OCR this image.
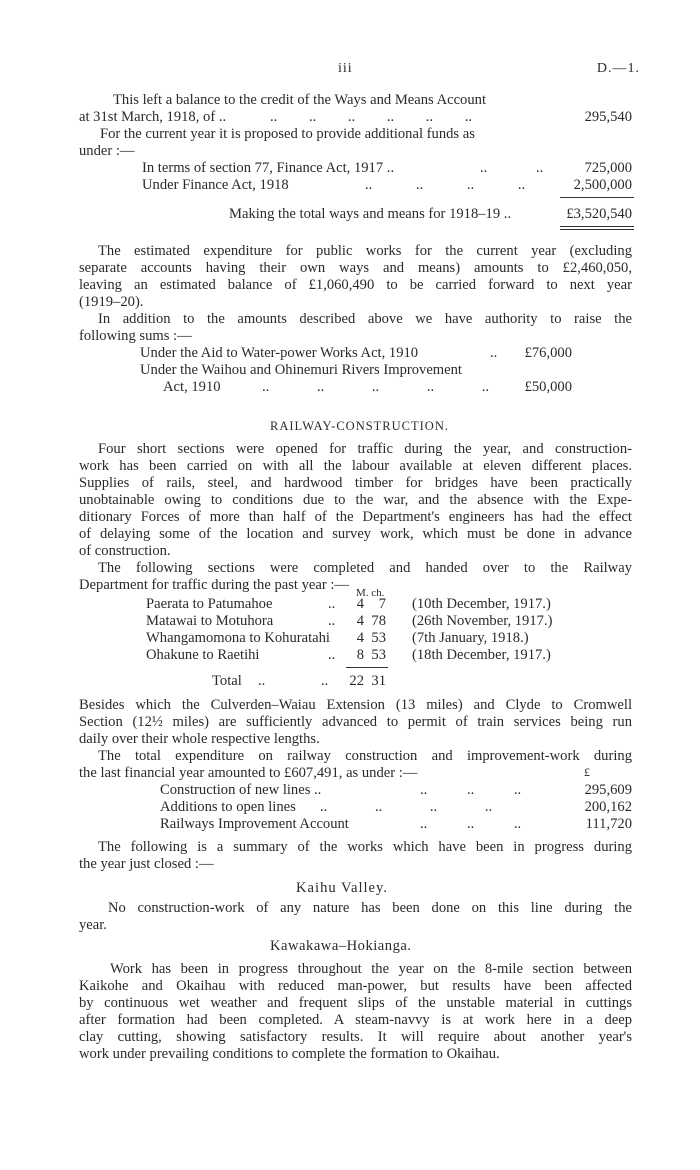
iii	D.—1.
This left a balance to the credit of the Ways and Means Account
at 31st March, 1918, of ..	.. .. .. .. .. ..	295,540
For the current year it is proposed to provide additional funds as
under :—
In terms of section 77, Finance Act, 1917 ..	.. ..	725,000
Under Finance Act, 1918	.. .. .. ..	2,500,000
Making the total ways and means for 1918–19 ..	£3,520,540
The estimated expenditure for public works for the current year (excluding
separate accounts having their own ways and means) amounts to £2,460,050,
leaving an estimated balance of £1,060,490 to be carried forward to next year
(1919–20).
In addition to the amounts described above we have authority to raise the
following sums :—
Under the Aid to Water-power Works Act, 1910	..	£76,000
Under the Waihou and Ohinemuri Rivers Improvement
Act, 1910	.. .. .. .. ..	£50,000
RAILWAY-CONSTRUCTION.
Four short sections were opened for traffic during the year, and construction-
work has been carried on with all the labour available at eleven different places.
Supplies of rails, steel, and hardwood timber for bridges have been practically
unobtainable owing to conditions due to the war, and the absence with the Expe-
ditionary Forces of more than half of the Department's engineers has had the effect
of delaying some of the location and survey work, which must be done in advance
of construction.
The following sections were completed and handed over to the Railway
Department for traffic during the past year :— M. ch.
Paerata to Patumahoe	..	4	7 (10th December, 1917.)
Matawai to Motuhora	..	4 78 (26th November, 1917.)
Whangamomona to Kohuratahi	4 53 (7th January, 1918.)
Ohakune to Raetihi	..	8 53 (18th December, 1917.)
Total .. .. 22 31
Besides which the Culverden–Waiau Extension (13 miles) and Clyde to Cromwell
Section (12½ miles) are sufficiently advanced to permit of train services being run
daily over their whole respective lengths.
The total expenditure on railway construction and improvement-work during
the last financial year amounted to £607,491, as under :—	£
Construction of new lines ..	.. .. ..	295,609
Additions to open lines .. .. .. ..	200,162
Railways Improvement Account	.. .. ..	111,720
The following is a summary of the works which have been in progress during
the year just closed :—
Kaihu Valley.
No construction-work of any nature has been done on this line during the
year.
Kawakawa–Hokianga.
Work has been in progress throughout the year on the 8-mile section between
Kaikohe and Okaihau with reduced man-power, but results have been affected
by continuous wet weather and frequent slips of the unstable material in cuttings
after formation had been completed. A steam-navvy is at work here in a deep
clay cutting, showing satisfactory results. It will require about another year's
work under prevailing conditions to complete the formation to Okaihau.
